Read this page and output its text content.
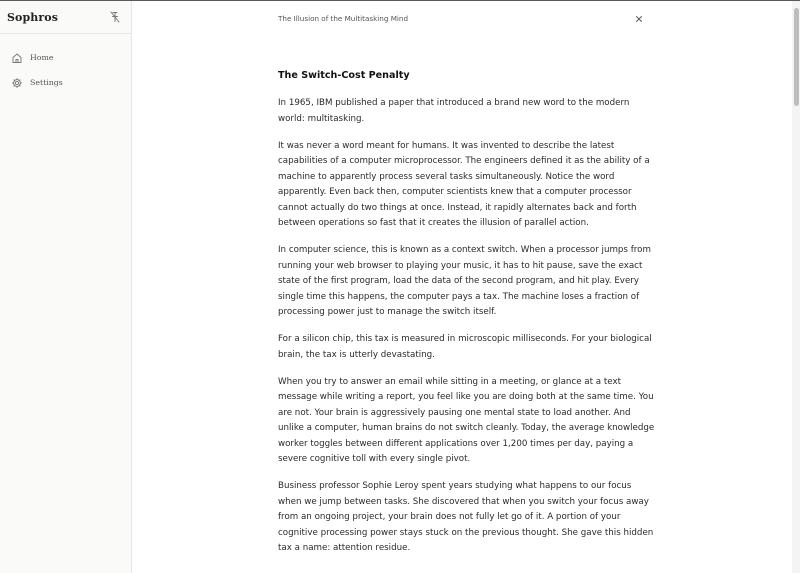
Sophros
Home
Settings
The Illusion of the Multitasking Mind
The Switch-Cost Penalty

In 1965, IBM published a paper that introduced a brand new word to the modern world: multitasking.

It was never a word meant for humans. It was invented to describe the latest capabilities of a computer microprocessor. The engineers defined it as the ability of a machine to apparently process several tasks simultaneously. Notice the word apparently. Even back then, computer scientists knew that a computer processor cannot actually do two things at once. Instead, it rapidly alternates back and forth between operations so fast that it creates the illusion of parallel action.

In computer science, this is known as a context switch. When a processor jumps from running your web browser to playing your music, it has to hit pause, save the exact state of the first program, load the data of the second program, and hit play. Every single time this happens, the computer pays a tax. The machine loses a fraction of processing power just to manage the switch itself.

For a silicon chip, this tax is measured in microscopic milliseconds. For your biological brain, the tax is utterly devastating.

When you try to answer an email while sitting in a meeting, or glance at a text message while writing a report, you feel like you are doing both at the same time. You are not. Your brain is aggressively pausing one mental state to load another. And unlike a computer, human brains do not switch cleanly. Today, the average knowledge worker toggles between different applications over 1,200 times per day, paying a severe cognitive toll with every single pivot.

Business professor Sophie Leroy spent years studying what happens to our focus when we jump between tasks. She discovered that when you switch your focus away from an ongoing project, your brain does not fully let go of it. A portion of your cognitive processing power stays stuck on the previous thought. She gave this hidden tax a name: attention residue.
